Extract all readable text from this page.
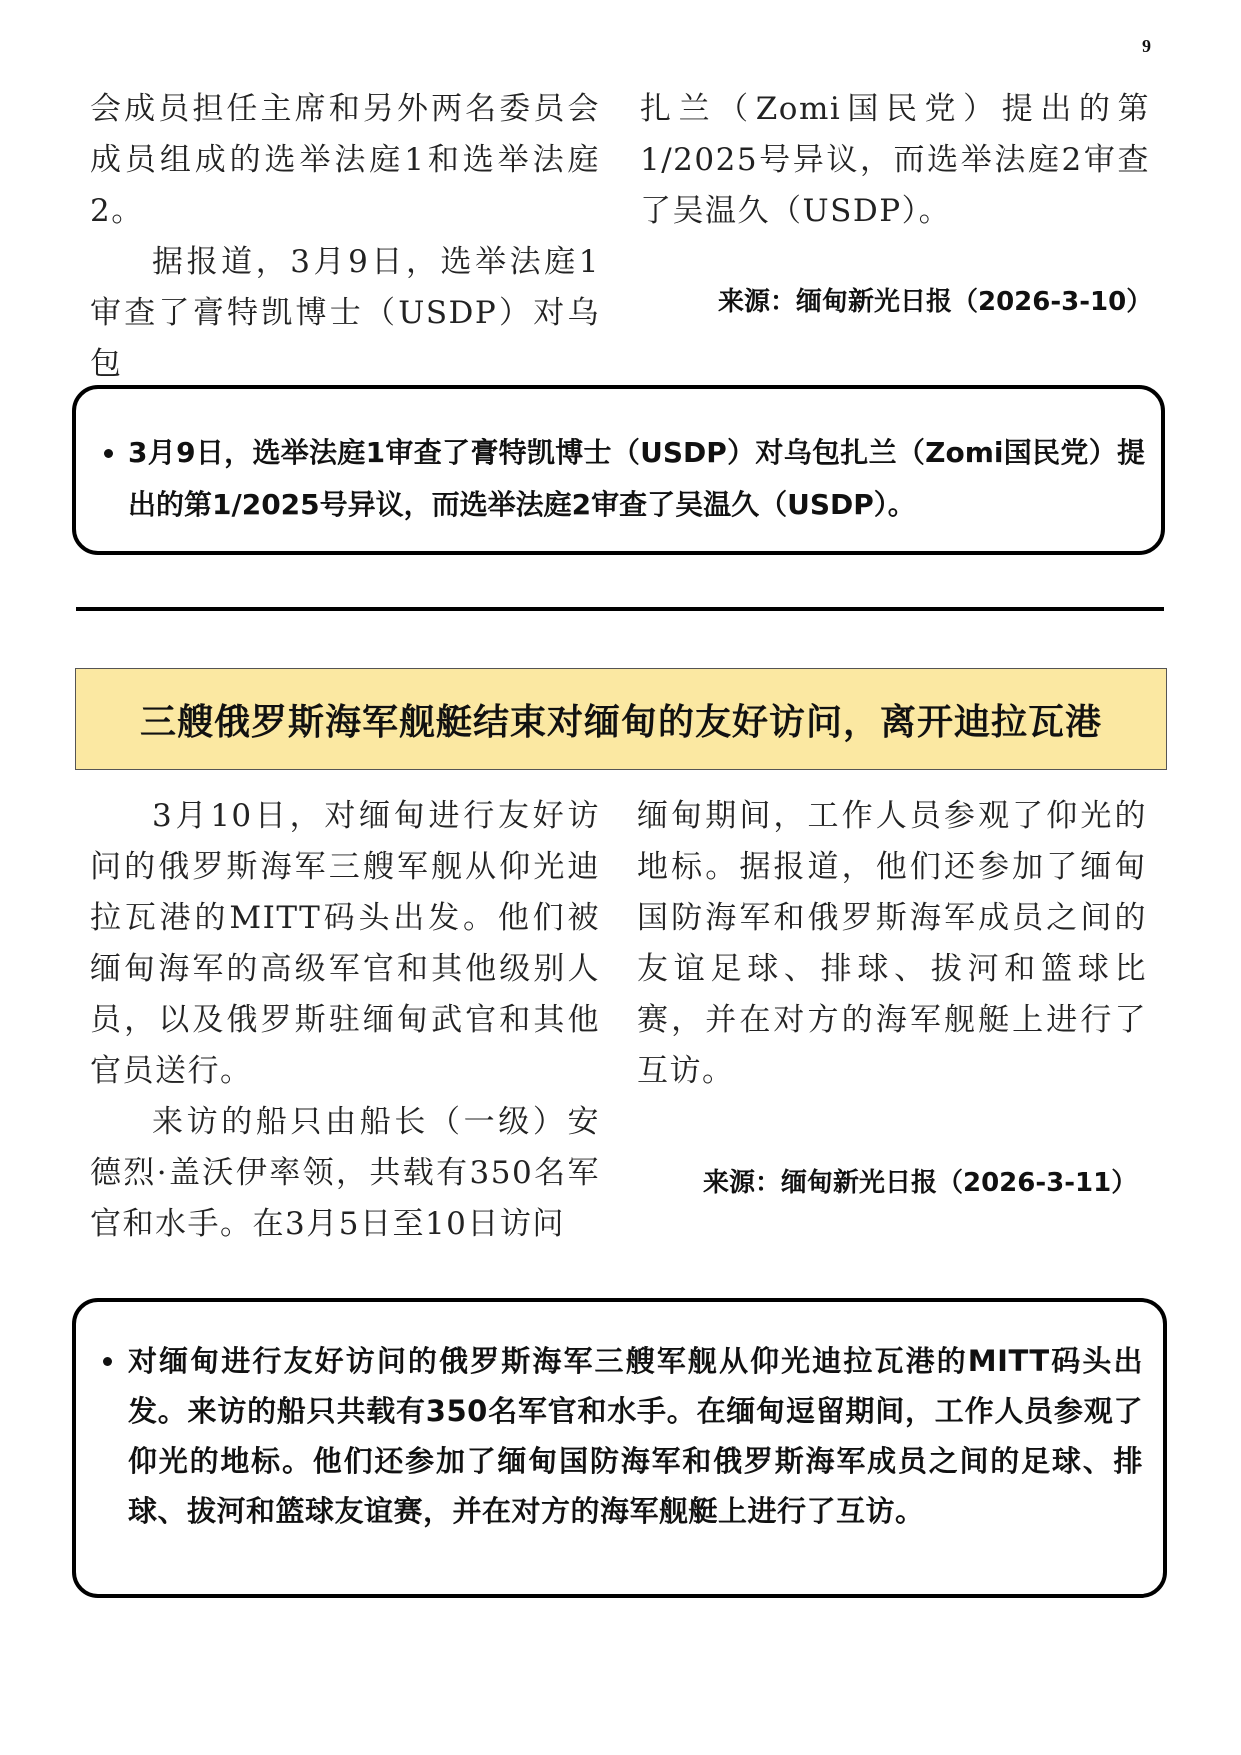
9

会成员担任主席和另外两名委员会成员组成的选举法庭1和选举法庭2。

据报道，3月9日，选举法庭1审查了膏特凯博士（USDP）对乌包

扎兰（Zomi国民党）提出的第1/2025号异议，而选举法庭2审查了吴温久（USDP）。

来源：缅甸新光日报（2026-3-10）
• 3月9日，选举法庭1审查了膏特凯博士（USDP）对乌包扎兰（Zomi国民党）提出的第1/2025号异议，而选举法庭2审查了吴温久（USDP）。
三艘俄罗斯海军舰艇结束对缅甸的友好访问，离开迪拉瓦港

3月10日，对缅甸进行友好访问的俄罗斯海军三艘军舰从仰光迪拉瓦港的MITT码头出发。他们被缅甸海军的高级军官和其他级别人员，以及俄罗斯驻缅甸武官和其他官员送行。

来访的船只由船长（一级）安德烈·盖沃伊率领，共载有350名军官和水手。在3月5日至10日访问

缅甸期间，工作人员参观了仰光的地标。据报道，他们还参加了缅甸国防海军和俄罗斯海军成员之间的友谊足球、排球、拔河和篮球比赛，并在对方的海军舰艇上进行了互访。

来源：缅甸新光日报（2026-3-11）
• 对缅甸进行友好访问的俄罗斯海军三艘军舰从仰光迪拉瓦港的MITT码头出发。来访的船只共载有350名军官和水手。在缅甸逗留期间，工作人员参观了仰光的地标。他们还参加了缅甸国防海军和俄罗斯海军成员之间的足球、排球、拔河和篮球友谊赛，并在对方的海军舰艇上进行了互访。
